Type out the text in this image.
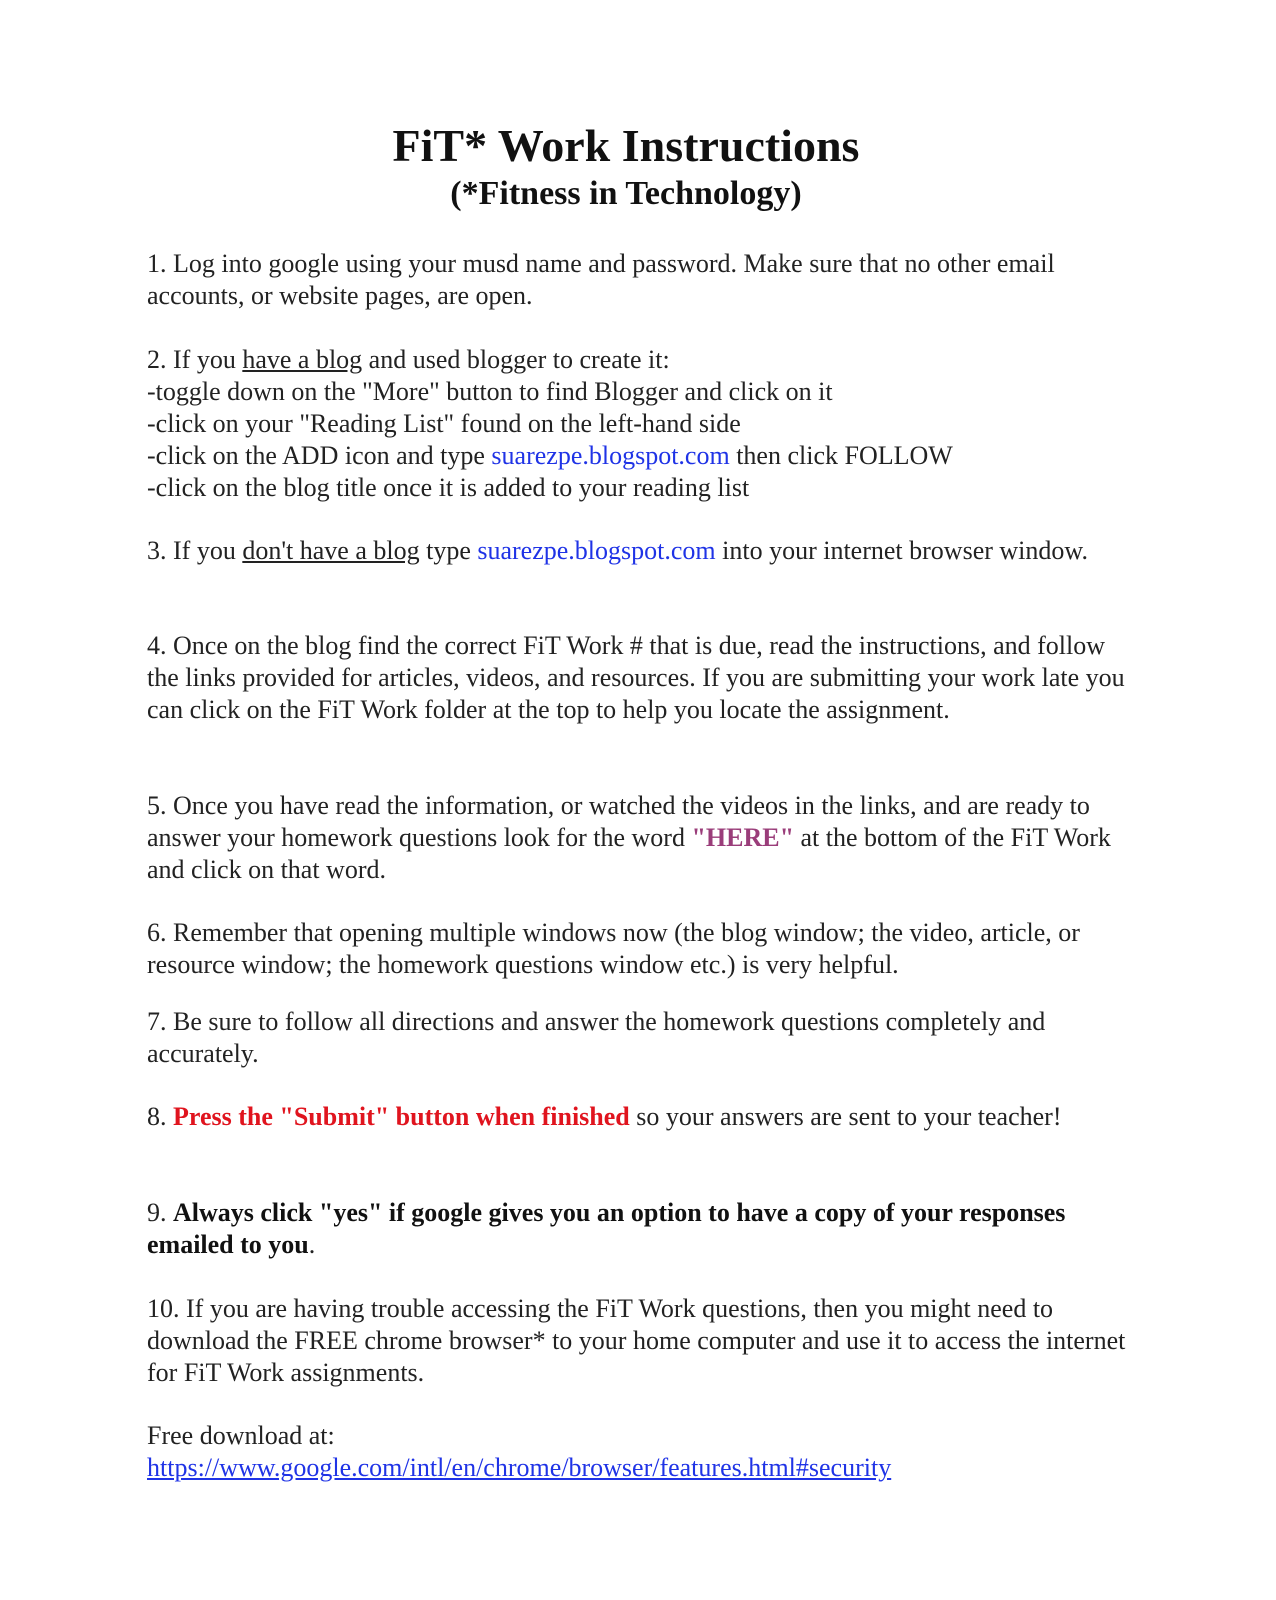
FiT* Work Instructions
(*Fitness in Technology)

1. Log into google using your musd name and password. Make sure that no other email accounts, or website pages, are open.

2. If you have a blog and used blogger to create it:

-toggle down on the "More" button to find Blogger and click on it

-click on your "Reading List" found on the left-hand side

-click on the ADD icon and type suarezpe.blogspot.com then click FOLLOW

-click on the blog title once it is added to your reading list

3. If you don't have a blog type suarezpe.blogspot.com into your internet browser window.

4. Once on the blog find the correct FiT Work # that is due, read the instructions, and follow the links provided for articles, videos, and resources. If you are submitting your work late you can click on the FiT Work folder at the top to help you locate the assignment.

5. Once you have read the information, or watched the videos in the links, and are ready to answer your homework questions look for the word "HERE" at the bottom of the FiT Work and click on that word.

6. Remember that opening multiple windows now (the blog window; the video, article, or resource window; the homework questions window etc.) is very helpful.

7. Be sure to follow all directions and answer the homework questions completely and accurately.

8. Press the "Submit" button when finished so your answers are sent to your teacher!

9. Always click "yes" if google gives you an option to have a copy of your responses emailed to you.

10. If you are having trouble accessing the FiT Work questions, then you might need to download the FREE chrome browser* to your home computer and use it to access the internet for FiT Work assignments.

Free download at:

https://www.google.com/intl/en/chrome/browser/features.html#security
